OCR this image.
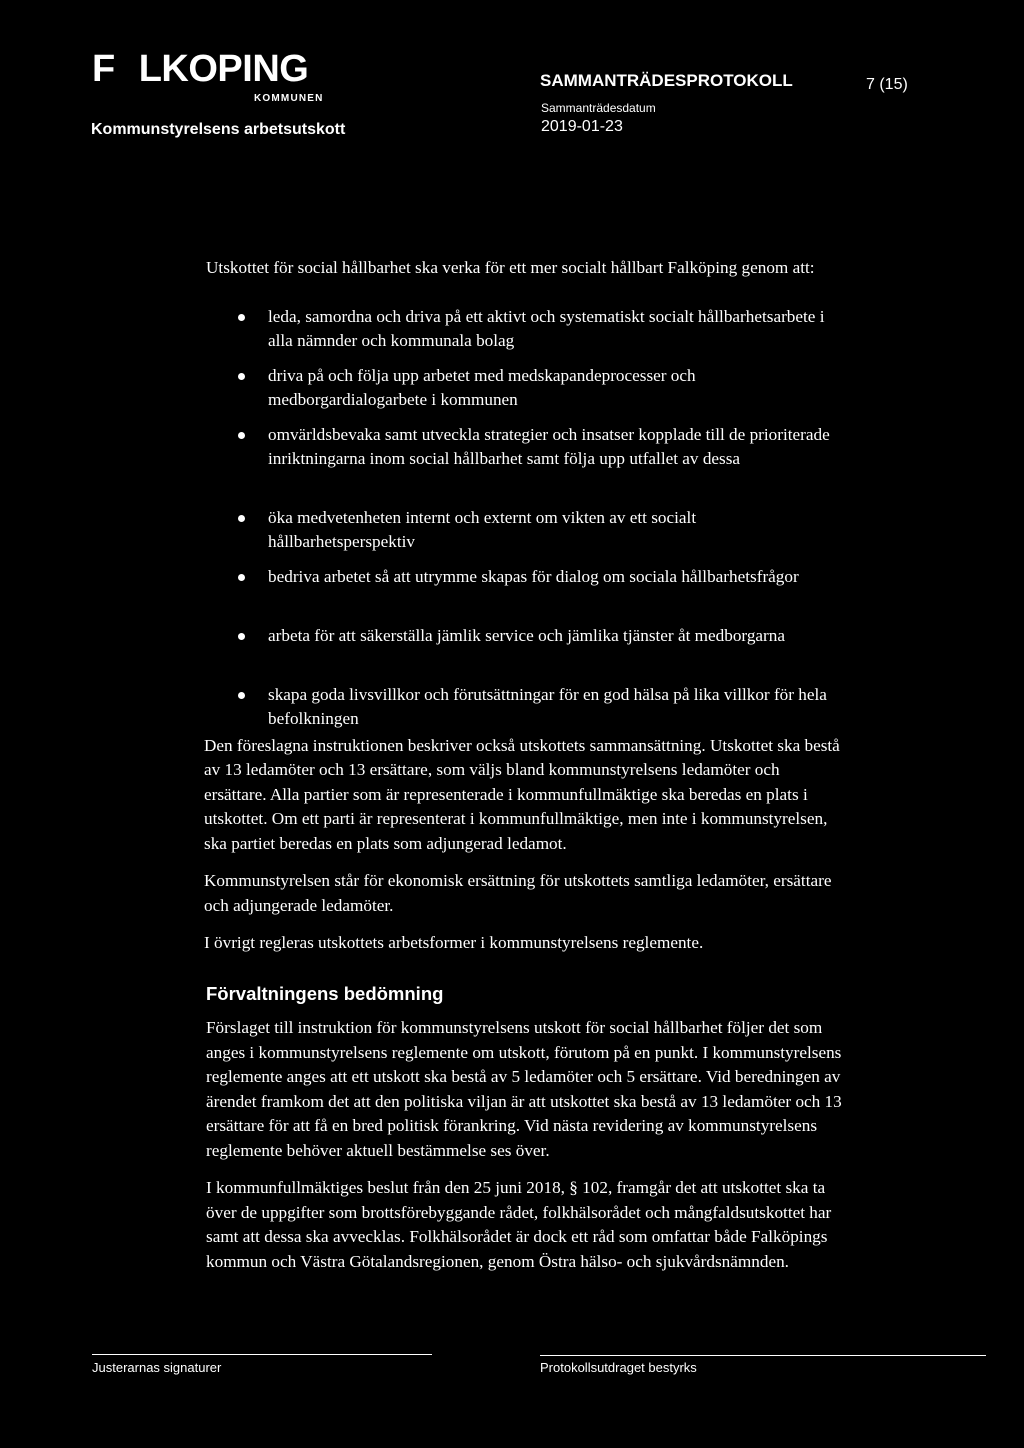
F

LKOPING
KOMMUNEN
Kommunstyrelsens arbetsutskott
SAMMANTRÄDESPROTOKOLL	7 (15)
Sammanträdesdatum
2019-01-23

Utskottet för social hållbarhet ska verka för ett mer socialt hållbart Falköping genom att:

leda, samordna och driva på ett aktivt och systematiskt socialt hållbarhetsarbete i alla nämnder och kommunala bolag
driva på och följa upp arbetet med medskapandeprocesser och medborgardialogarbete i kommunen
omvärldsbevaka samt utveckla strategier och insatser kopplade till de prioriterade inriktningarna inom social hållbarhet samt följa upp utfallet av dessa
öka medvetenheten internt och externt om vikten av ett socialt hållbarhetsperspektiv
bedriva arbetet så att utrymme skapas för dialog om sociala hållbarhetsfrågor
arbeta för att säkerställa jämlik service och jämlika tjänster åt medborgarna
skapa goda livsvillkor och förutsättningar för en god hälsa på lika villkor för hela befolkningen

Den föreslagna instruktionen beskriver också utskottets sammansättning. Utskottet ska bestå av 13 ledamöter och 13 ersättare, som väljs bland kommunstyrelsens ledamöter och ersättare. Alla partier som är representerade i kommunfullmäktige ska beredas en plats i utskottet. Om ett parti är representerat i kommunfullmäktige, men inte i kommunstyrelsen, ska partiet beredas en plats som adjungerad ledamot.

Kommunstyrelsen står för ekonomisk ersättning för utskottets samtliga ledamöter, ersättare och adjungerade ledamöter.

I övrigt regleras utskottets arbetsformer i kommunstyrelsens reglemente.

Förvaltningens bedömning

Förslaget till instruktion för kommunstyrelsens utskott för social hållbarhet följer det som anges i kommunstyrelsens reglemente om utskott, förutom på en punkt. I kommunstyrelsens reglemente anges att ett utskott ska bestå av 5 ledamöter och 5 ersättare. Vid beredningen av ärendet framkom det att den politiska viljan är att utskottet ska bestå av 13 ledamöter och 13 ersättare för att få en bred politisk förankring. Vid nästa revidering av kommunstyrelsens reglemente behöver aktuell bestämmelse ses över.

I kommunfullmäktiges beslut från den 25 juni 2018, § 102, framgår det att utskottet ska ta över de uppgifter som brottsförebyggande rådet, folkhälsorådet och mångfaldsutskottet har samt att dessa ska avvecklas. Folkhälsorådet är dock ett råd som omfattar både Falköpings kommun och Västra Götalandsregionen, genom Östra hälso- och sjukvårdsnämnden.

Justerarnas signaturer	Protokollsutdraget bestyrks
